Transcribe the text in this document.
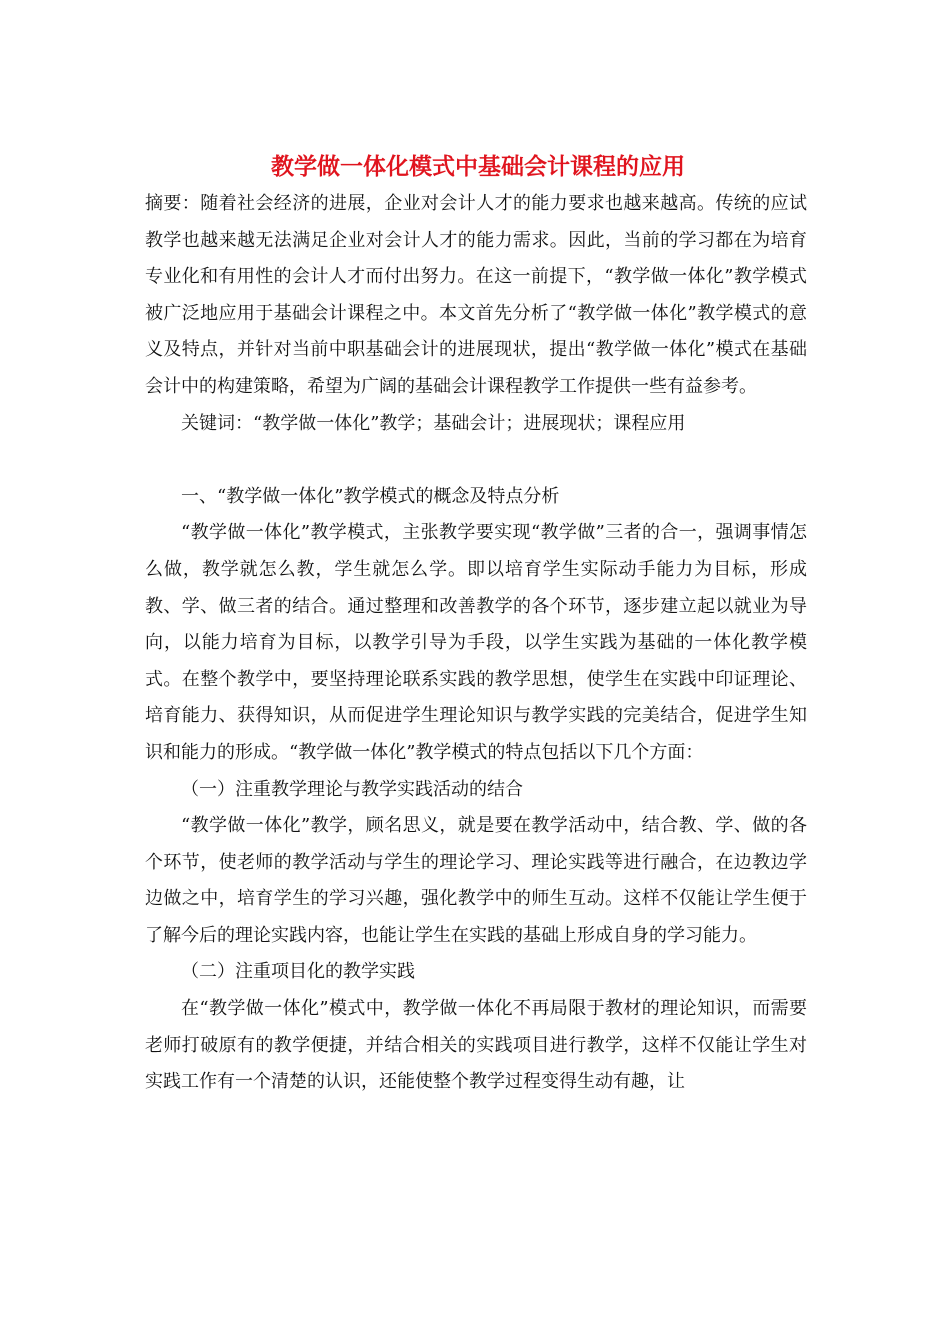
教学做一体化模式中基础会计课程的应用

摘要：随着社会经济的进展，企业对会计人才的能力要求也越来越高。传统的应试教学也越来越无法满足企业对会计人才的能力需求。因此，当前的学习都在为培育专业化和有用性的会计人才而付出努力。在这一前提下，“教学做一体化”教学模式被广泛地应用于基础会计课程之中。本文首先分析了“教学做一体化”教学模式的意义及特点，并针对当前中职基础会计的进展现状，提出“教学做一体化”模式在基础会计中的构建策略，希望为广阔的基础会计课程教学工作提供一些有益参考。

关键词：“教学做一体化”教学；基础会计；进展现状；课程应用

一、“教学做一体化”教学模式的概念及特点分析

“教学做一体化”教学模式，主张教学要实现“教学做”三者的合一，强调事情怎么做，教学就怎么教，学生就怎么学。即以培育学生实际动手能力为目标，形成教、学、做三者的结合。通过整理和改善教学的各个环节，逐步建立起以就业为导向，以能力培育为目标，以教学引导为手段，以学生实践为基础的一体化教学模式。在整个教学中，要坚持理论联系实践的教学思想，使学生在实践中印证理论、培育能力、获得知识，从而促进学生理论知识与教学实践的完美结合，促进学生知识和能力的形成。“教学做一体化”教学模式的特点包括以下几个方面：

（一）注重教学理论与教学实践活动的结合

“教学做一体化”教学，顾名思义，就是要在教学活动中，结合教、学、做的各个环节，使老师的教学活动与学生的理论学习、理论实践等进行融合，在边教边学边做之中，培育学生的学习兴趣，强化教学中的师生互动。这样不仅能让学生便于了解今后的理论实践内容，也能让学生在实践的基础上形成自身的学习能力。

（二）注重项目化的教学实践

在“教学做一体化”模式中，教学做一体化不再局限于教材的理论知识，而需要老师打破原有的教学便捷，并结合相关的实践项目进行教学，这样不仅能让学生对实践工作有一个清楚的认识，还能使整个教学过程变得生动有趣，让
